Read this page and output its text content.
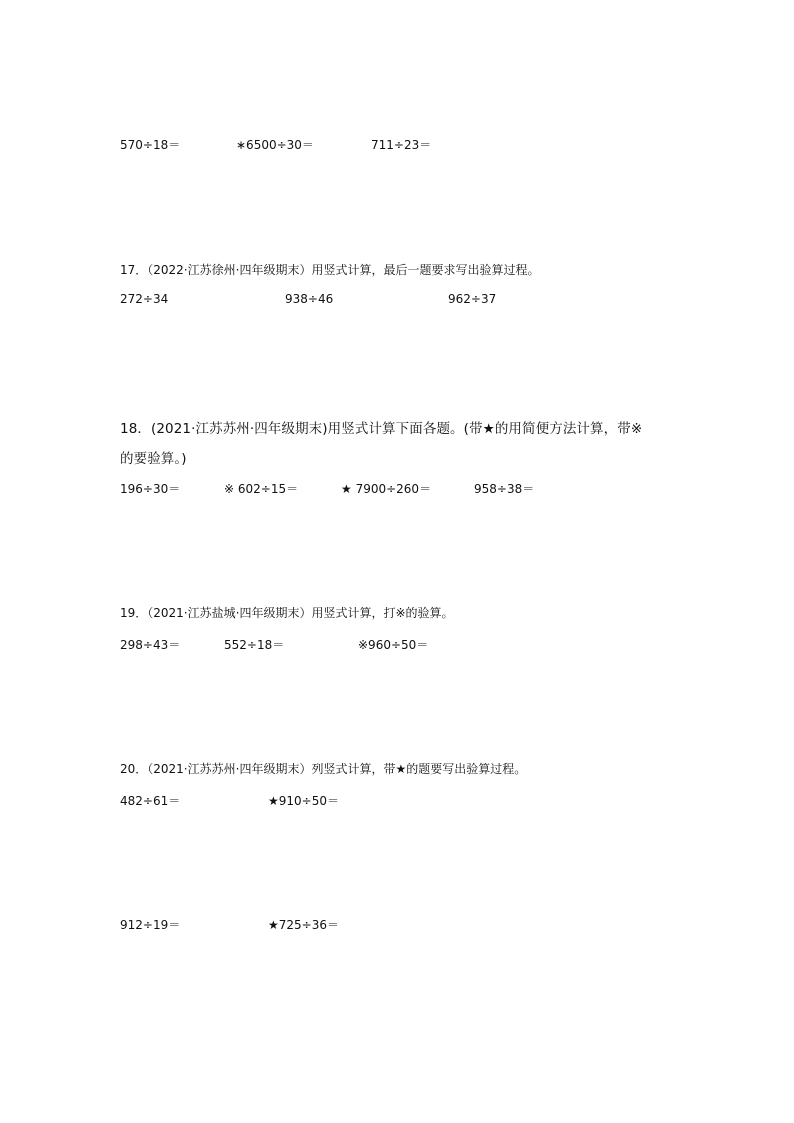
570÷18＝	∗6500÷30＝	711÷23＝
17．（2022·江苏徐州·四年级期末）用竖式计算，最后一题要求写出验算过程。
272÷34	938÷46	962÷37
18．(2021·江苏苏州·四年级期末)用竖式计算下面各题。(带★的用简便方法计算，带※
的要验算。)
196÷30＝	※ 602÷15＝	★ 7900÷260＝	958÷38＝
19．（2021·江苏盐城·四年级期末）用竖式计算，打※的验算。
298÷43＝	552÷18＝	※960÷50＝
20．（2021·江苏苏州·四年级期末）列竖式计算，带★的题要写出验算过程。
482÷61＝	★910÷50＝
912÷19＝	★725÷36＝
